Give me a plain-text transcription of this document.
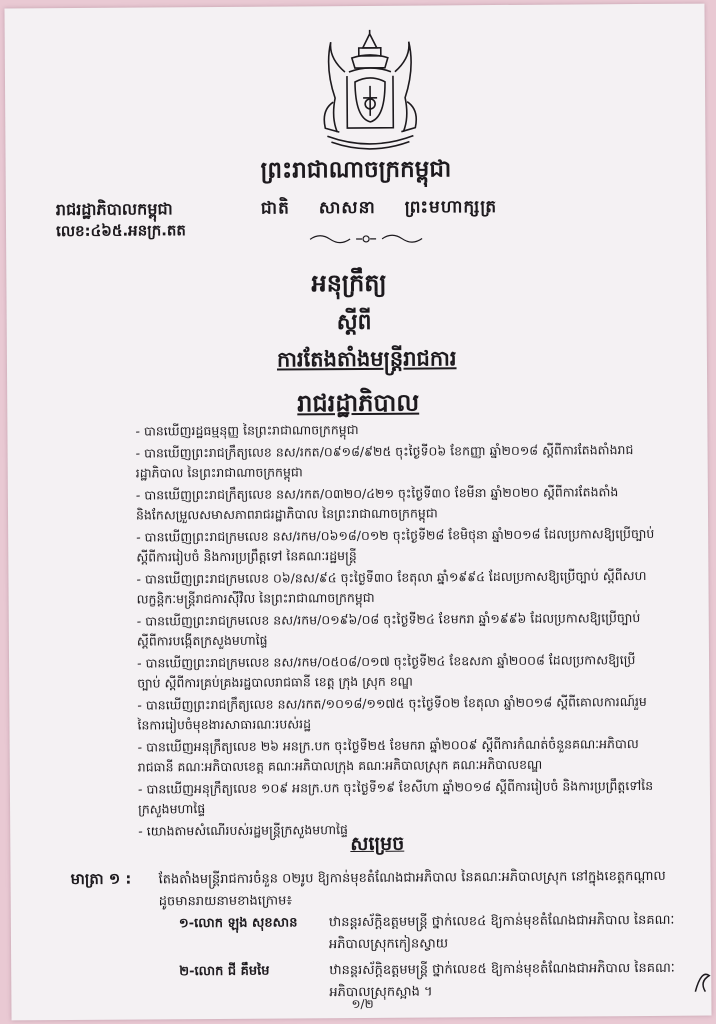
ព្រះរាជាណាចក្រកម្ពុជា
ជាតិ សាសនា ព្រះមហាក្សត្រ
រាជរដ្ឋាភិបាលកម្ពុជា
លេខ:៤៦៥.អនក្រ.តត
អនុក្រឹត្យ
ស្តីពី
ការតែងតាំងមន្ត្រីរាជការ
រាជរដ្ឋាភិបាល
- បានឃើញរដ្ឋធម្មនុញ្ញ នៃព្រះរាជាណាចក្រកម្ពុជា
- បានឃើញព្រះរាជក្រឹត្យលេខ នស/រកត/០៩១៨/៩២៥ ចុះថ្ងៃទី០៦ ខែកញ្ញា ឆ្នាំ២០១៨ ស្តីពីការតែងតាំងរាជរដ្ឋាភិបាល នៃព្រះរាជាណាចក្រកម្ពុជា
- បានឃើញព្រះរាជក្រឹត្យលេខ នស/រកត/០៣២០/៤២១ ចុះថ្ងៃទី៣០ ខែមីនា ឆ្នាំ២០២០ ស្តីពីការតែងតាំង និងកែសម្រួលសមាសភាពរាជរដ្ឋាភិបាល នៃព្រះរាជាណាចក្រកម្ពុជា
- បានឃើញព្រះរាជក្រមលេខ នស/រកម/០៦១៨/០១២ ចុះថ្ងៃទី២៨ ខែមិថុនា ឆ្នាំ២០១៨ ដែលប្រកាសឱ្យប្រើច្បាប់ស្តីពីការរៀបចំ និងការប្រព្រឹត្តទៅ នៃគណៈរដ្ឋមន្ត្រី
- បានឃើញព្រះរាជក្រមលេខ ០៦/នស/៩៤ ចុះថ្ងៃទី៣០ ខែតុលា ឆ្នាំ១៩៩៤ ដែលប្រកាសឱ្យប្រើច្បាប់ ស្តីពីសហលក្ខន្តិកៈមន្ត្រីរាជការស៊ីវិល នៃព្រះរាជាណាចក្រកម្ពុជា
- បានឃើញព្រះរាជក្រមលេខ នស/រកម/០១៩៦/០៨ ចុះថ្ងៃទី២៤ ខែមករា ឆ្នាំ១៩៩៦ ដែលប្រកាសឱ្យប្រើច្បាប់ ស្តីពីការបង្កើតក្រសួងមហាផ្ទៃ
- បានឃើញព្រះរាជក្រមលេខ នស/រកម/០៥០៨/០១៧ ចុះថ្ងៃទី២៤ ខែឧសភា ឆ្នាំ២០០៨ ដែលប្រកាសឱ្យប្រើច្បាប់ ស្តីពីការគ្រប់គ្រងរដ្ឋបាលរាជធានី ខេត្ត ក្រុង ស្រុក ខណ្ឌ
- បានឃើញព្រះរាជក្រឹត្យលេខ នស/រកត/១០១៨/១១៧៥ ចុះថ្ងៃទី០២ ខែតុលា ឆ្នាំ២០១៨ ស្តីពីគោលការណ៍រួម នៃការរៀបចំមុខងារសាធារណៈរបស់រដ្ឋ
- បានឃើញអនុក្រឹត្យលេខ ២៦ អនក្រ.បក ចុះថ្ងៃទី២៥ ខែមករា ឆ្នាំ២០០៩ ស្តីពីការកំណត់ចំនួនគណៈអភិបាលរាជធានី គណៈអភិបាលខេត្ត គណៈអភិបាលក្រុង គណៈអភិបាលស្រុក គណៈអភិបាលខណ្ឌ
- បានឃើញអនុក្រឹត្យលេខ ១០៩ អនក្រ.បក ចុះថ្ងៃទី១៩ ខែសីហា ឆ្នាំ២០១៨ ស្តីពីការរៀបចំ និងការប្រព្រឹត្តទៅនៃក្រសួងមហាផ្ទៃ
- យោងតាមសំណើរបស់រដ្ឋមន្ត្រីក្រសួងមហាផ្ទៃ
សម្រេច
មាត្រា ១ : តែងតាំងមន្ត្រីរាជការចំនួន ០២រូប ឱ្យកាន់មុខតំណែងជាអភិបាល នៃគណៈអភិបាលស្រុក នៅក្នុងខេត្តកណ្តាល ដូចមានរាយនាមខាងក្រោម៖
១-លោក ឡុង សុខសាន ឋានន្តរស័ក្តិឧត្តមមន្ត្រី ថ្នាក់លេខ៤ ឱ្យកាន់មុខតំណែងជាអភិបាល នៃគណៈអភិបាលស្រុកកៀនស្វាយ
២-លោក ជី គឹមមៃ	ឋានន្តរស័ក្តិឧត្តមមន្ត្រី ថ្នាក់លេខ៥ ឱ្យកាន់មុខតំណែងជាអភិបាល នៃគណៈអភិបាលស្រុកស្អាង ។
១/២
